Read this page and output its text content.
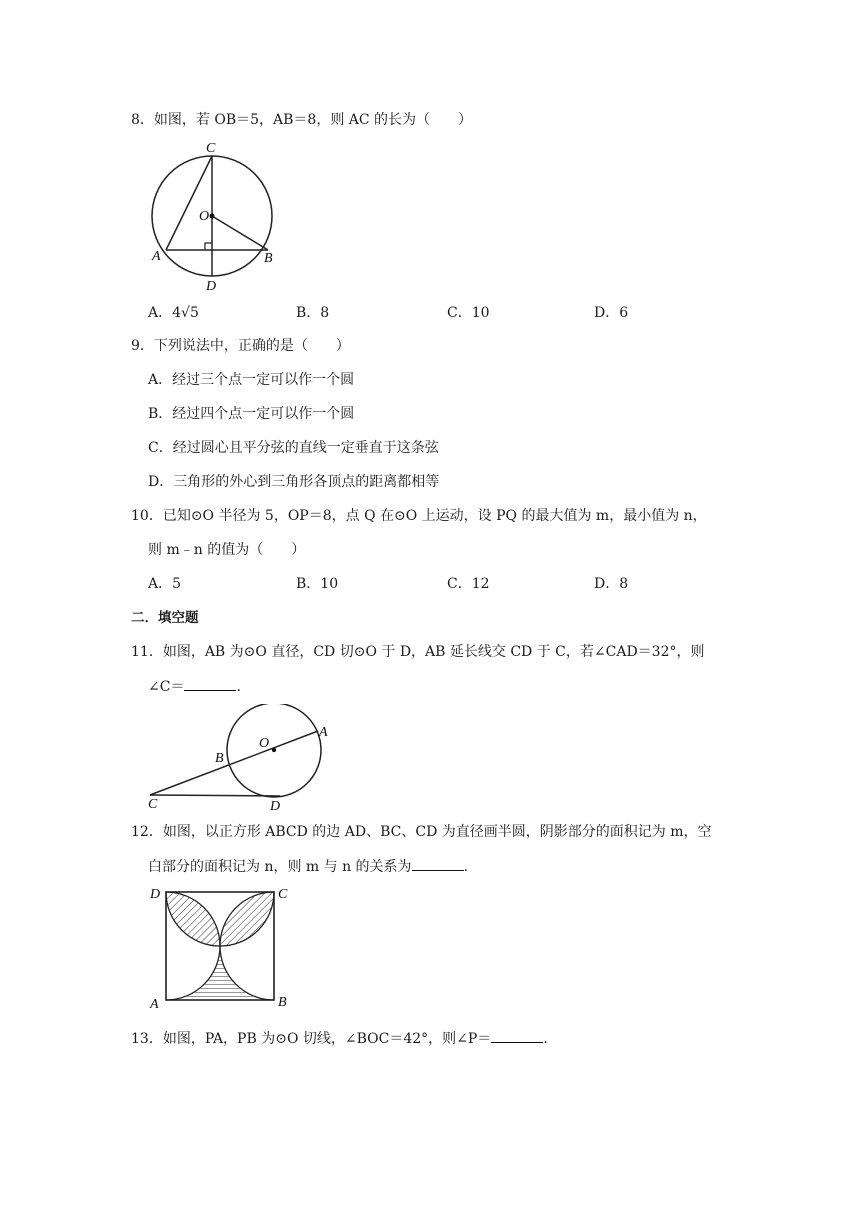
8．如图，若 OB＝5，AB＝8，则 AC 的长为（　　）
C
O
A	B
D
A．4√5	B．8	C．10	D．6
9．下列说法中，正确的是（　　）
A．经过三个点一定可以作一个圆
B．经过四个点一定可以作一个圆
C．经过圆心且平分弦的直线一定垂直于这条弦
D．三角形的外心到三角形各顶点的距离都相等
10．已知⊙O 半径为 5，OP＝8，点 Q 在⊙O 上运动，设 PQ 的最大值为 m，最小值为 n，
则 m﹣n 的值为（　　）
A．5	B．10	C．12	D．8
二．填空题
11．如图，AB 为⊙O 直径，CD 切⊙O 于 D，AB 延长线交 CD 于 C，若∠CAD＝32°，则
∠C＝	.
O
A
B
C	D
12．如图，以正方形 ABCD 的边 AD、BC、CD 为直径画半圆，阴影部分的面积记为 m，空
白部分的面积记为 n，则 m 与 n 的关系为	.
D	C
A	B
13．如图，PA，PB 为⊙O 切线，∠BOC＝42°，则∠P＝	.
